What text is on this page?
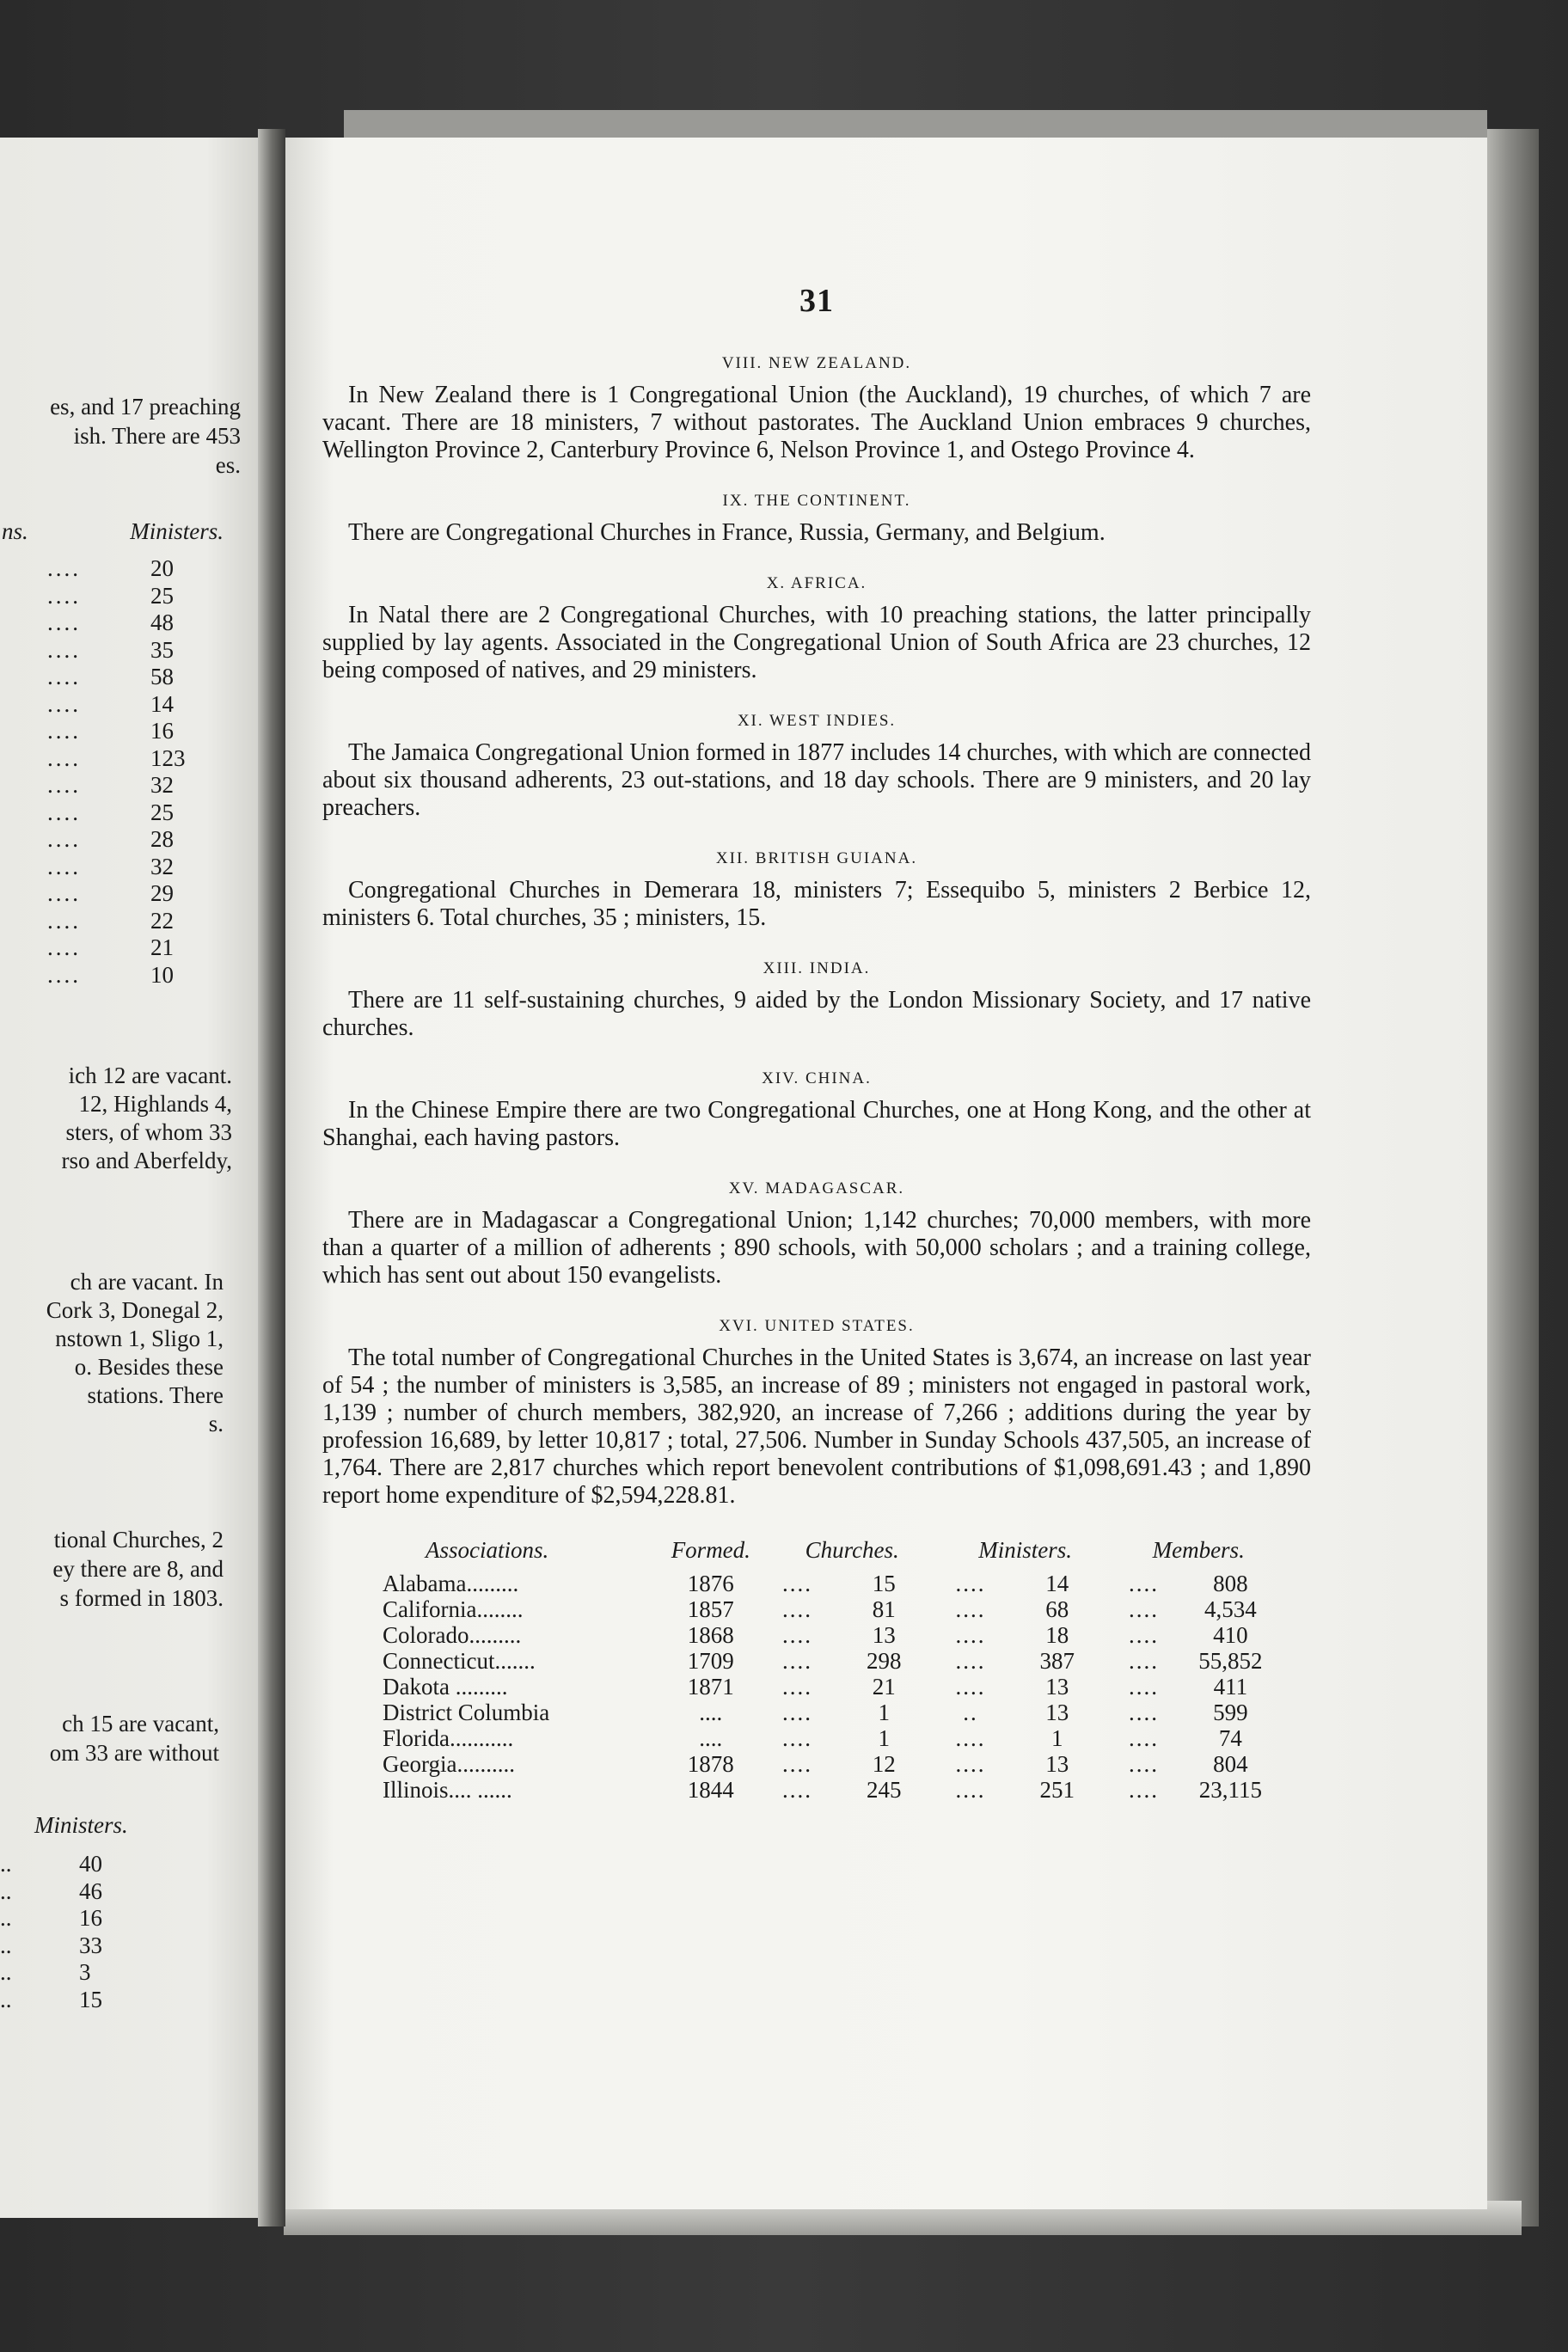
es, and 17 preaching
ish. There are 453
es.
ns.	Ministers.
....	20
....	25
....	48
....	35
....	58
....	14
....	16
....	123
....	32
....	25
....	28
....	32
....	29
....	22
....	21
....	10
ich 12 are vacant.
12, Highlands 4,
sters, of whom 33
rso and Aberfeldy,
ch are vacant. In
Cork 3, Donegal 2,
nstown 1, Sligo 1,
o. Besides these
stations. There
s.
tional Churches, 2
ey there are 8, and
s formed in 1803.
ch 15 are vacant,
om 33 are without
Ministers.
..	40
..	46
..	16
..	33
..	3
..	15
31
VIII. NEW ZEALAND.

In New Zealand there is 1 Congregational Union (the Auckland), 19 churches, of which 7 are vacant. There are 18 ministers, 7 without pastorates. The Auckland Union embraces 9 churches, Wellington Province 2, Canterbury Province 6, Nelson Province 1, and Ostego Province 4.

IX. THE CONTINENT.

There are Congregational Churches in France, Russia, Germany, and Belgium.

X. AFRICA.

In Natal there are 2 Congregational Churches, with 10 preaching stations, the latter principally supplied by lay agents. Associated in the Congregational Union of South Africa are 23 churches, 12 being composed of natives, and 29 ministers.

XI. WEST INDIES.

The Jamaica Congregational Union formed in 1877 includes 14 churches, with which are connected about six thousand adherents, 23 out-stations, and 18 day schools. There are 9 ministers, and 20 lay preachers.

XII. BRITISH GUIANA.

Congregational Churches in Demerara 18, ministers 7; Essequibo 5, ministers 2 Berbice 12, ministers 6. Total churches, 35 ; ministers, 15.

XIII. INDIA.

There are 11 self-sustaining churches, 9 aided by the London Missionary Society, and 17 native churches.

XIV. CHINA.

In the Chinese Empire there are two Congregational Churches, one at Hong Kong, and the other at Shanghai, each having pastors.

XV. MADAGASCAR.

There are in Madagascar a Congregational Union; 1,142 churches; 70,000 members, with more than a quarter of a million of adherents ; 890 schools, with 50,000 scholars ; and a training college, which has sent out about 150 evangelists.

XVI. UNITED STATES.

The total number of Congregational Churches in the United States is 3,674, an increase on last year of 54 ; the number of ministers is 3,585, an increase of 89 ; ministers not engaged in pastoral work, 1,139 ; number of church members, 382,920, an increase of 7,266 ; additions during the year by profession 16,689, by letter 10,817 ; total, 27,506. Number in Sunday Schools 437,505, an increase of 1,764. There are 2,817 churches which report benevolent contributions of $1,098,691.43 ; and 1,890 report home expenditure of $2,594,228.81.

Associations.	Formed.	Churches.		Ministers.		Members.	
Alabama.........	1876	....	15	....	14	....	808
California........	1857	....	81	....	68	....	4,534
Colorado.........	1868	....	13	....	18	....	410
Connecticut.......	1709	....	298	....	387	....	55,852
Dakota .........	1871	....	21	....	13	....	411
District Columbia	....	....	1	..	13	....	599
Florida...........	....	....	1	....	1	....	74
Georgia..........	1878	....	12	....	13	....	804
Illinois.... ......	1844	....	245	....	251	....	23,115
